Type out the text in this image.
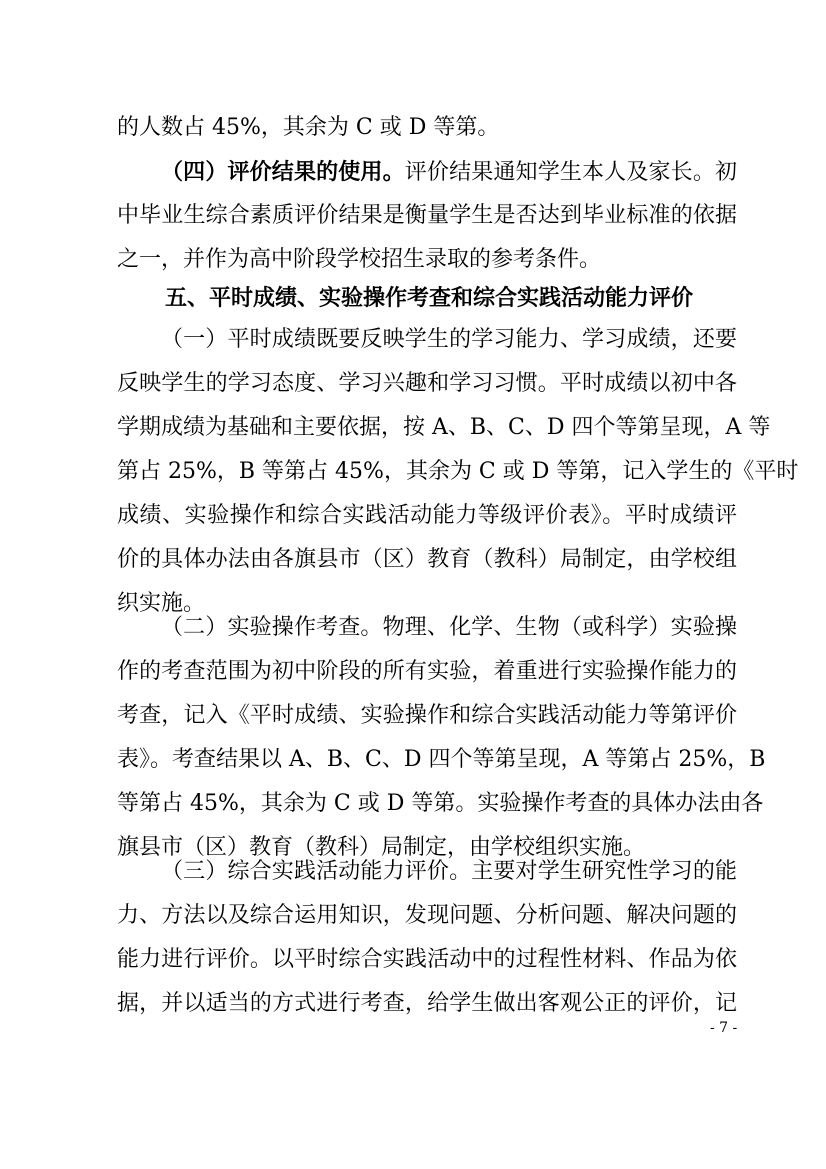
的人数占 45%，其余为 C 或 D 等第。
（四）评价结果的使用。评价结果通知学生本人及家长。初
中毕业生综合素质评价结果是衡量学生是否达到毕业标准的依据
之一，并作为高中阶段学校招生录取的参考条件。
五、平时成绩、实验操作考查和综合实践活动能力评价
（一）平时成绩既要反映学生的学习能力、学习成绩，还要
反映学生的学习态度、学习兴趣和学习习惯。平时成绩以初中各
学期成绩为基础和主要依据，按 A、B、C、D 四个等第呈现，A 等
第占 25%，B 等第占 45%，其余为 C 或 D 等第，记入学生的《平时
成绩、实验操作和综合实践活动能力等级评价表》。平时成绩评
价的具体办法由各旗县市（区）教育（教科）局制定，由学校组
织实施。
（二）实验操作考查。物理、化学、生物（或科学）实验操
作的考查范围为初中阶段的所有实验，着重进行实验操作能力的
考查，记入《平时成绩、实验操作和综合实践活动能力等第评价
表》。考查结果以 A、B、C、D 四个等第呈现，A 等第占 25%，B
等第占 45%，其余为 C 或 D 等第。实验操作考查的具体办法由各
旗县市（区）教育（教科）局制定，由学校组织实施。
（三）综合实践活动能力评价。主要对学生研究性学习的能
力、方法以及综合运用知识，发现问题、分析问题、解决问题的
能力进行评价。以平时综合实践活动中的过程性材料、作品为依
据，并以适当的方式进行考查，给学生做出客观公正的评价，记
- 7 -
